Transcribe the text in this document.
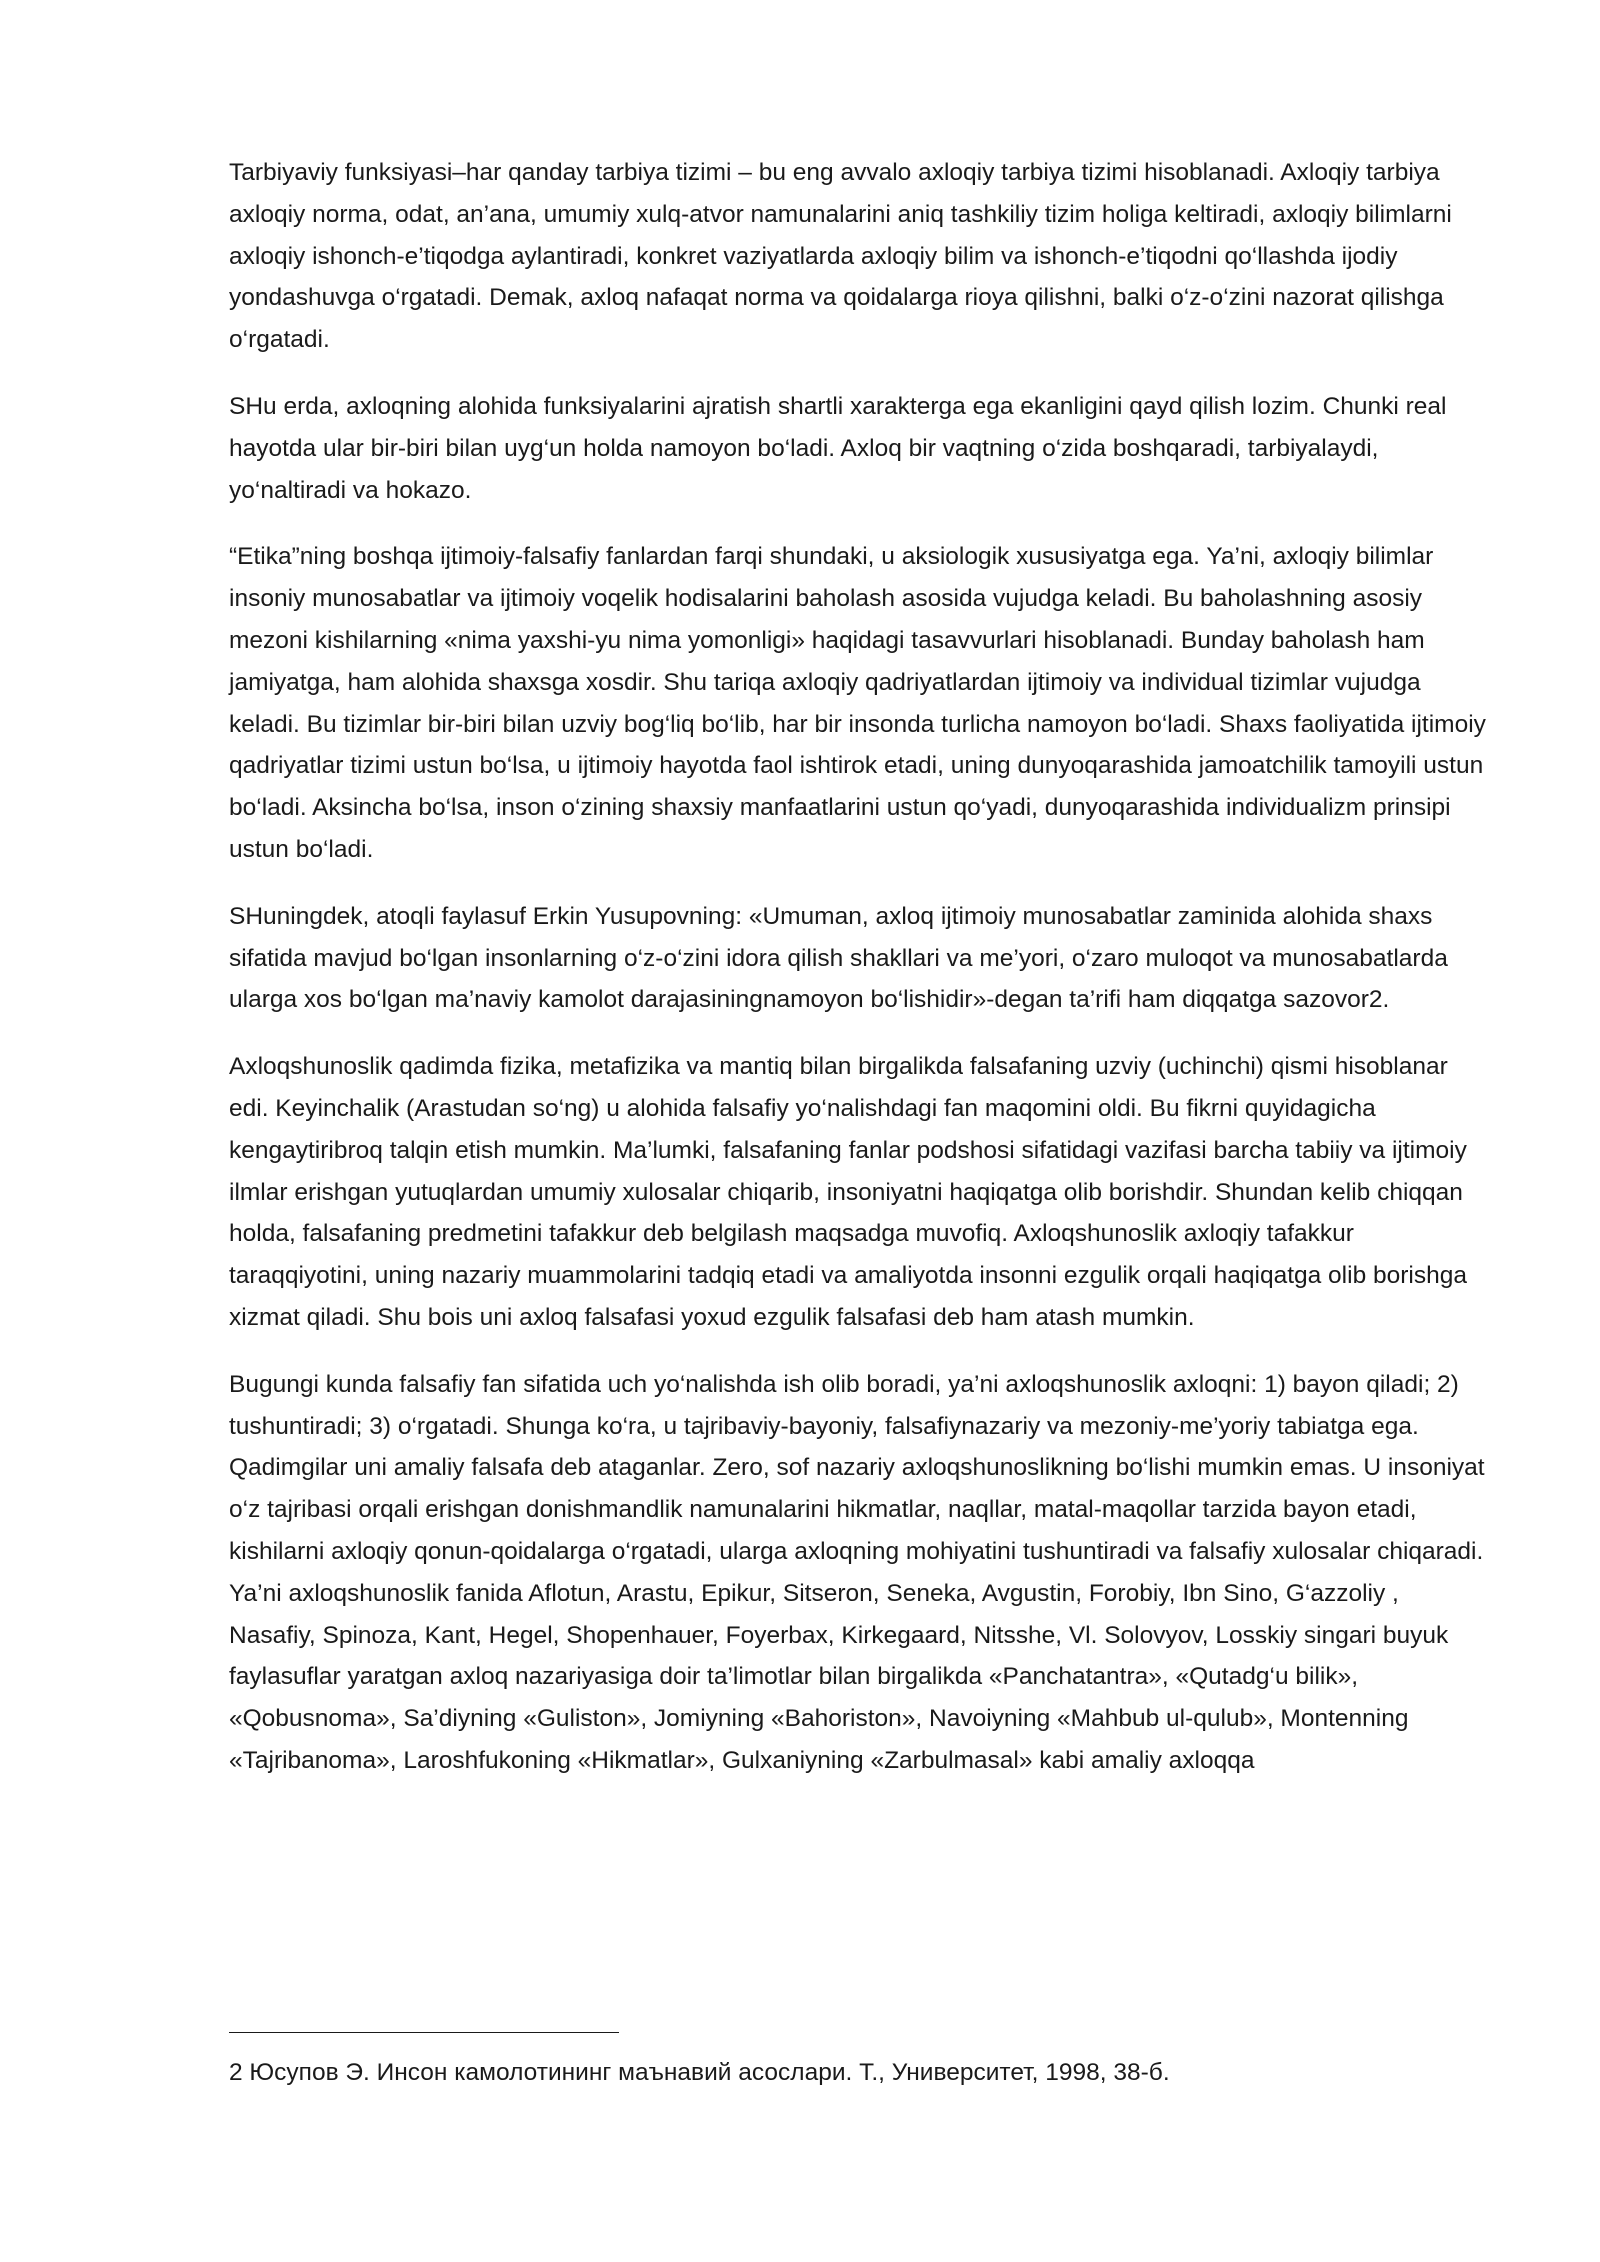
Tarbiyaviy funksiyasi–har qanday tarbiya tizimi – bu eng avvalo axloqiy tarbiya tizimi hisoblanadi. Axloqiy tarbiya axloqiy norma, odat, an’ana, umumiy xulq-atvor namunalarini aniq tashkiliy tizim holiga keltiradi, axloqiy bilimlarni axloqiy ishonch-e’tiqodga aylantiradi, konkret vaziyatlarda axloqiy bilim va ishonch-e’tiqodni qo‘llashda ijodiy yondashuvga o‘rgatadi. Demak, axloq nafaqat norma va qoidalarga rioya qilishni, balki o‘z-o‘zini nazorat qilishga o‘rgatadi.

SHu erda, axloqning alohida funksiyalarini ajratish shartli xarakterga ega ekanligini qayd qilish lozim. Chunki real hayotda ular bir-biri bilan uyg‘un holda namoyon bo‘ladi. Axloq bir vaqtning o‘zida boshqaradi, tarbiyalaydi, yo‘naltiradi va hokazo.

“Etika”ning boshqa ijtimoiy-falsafiy fanlardan farqi shundaki, u aksiologik xususiyatga ega. Ya’ni, axloqiy bilimlar insoniy munosabatlar va ijtimoiy voqelik hodisalarini baholash asosida vujudga keladi. Bu baholashning asosiy mezoni kishilarning «nima yaxshi-yu nima yomonligi» haqidagi tasavvurlari hisoblanadi. Bunday baholash ham jamiyatga, ham alohida shaxsga xosdir. Shu tariqa axloqiy qadriyatlardan ijtimoiy va individual tizimlar vujudga keladi. Bu tizimlar bir-biri bilan uzviy bog‘liq bo‘lib, har bir insonda turlicha namoyon bo‘ladi. Shaxs faoliyatida ijtimoiy qadriyatlar tizimi ustun bo‘lsa, u ijtimoiy hayotda faol ishtirok etadi, uning dunyoqarashida jamoatchilik tamoyili ustun bo‘ladi. Aksincha bo‘lsa, inson o‘zining shaxsiy manfaatlarini ustun qo‘yadi, dunyoqarashida individualizm prinsipi ustun bo‘ladi.

SHuningdek, atoqli faylasuf Erkin Yusupovning: «Umuman, axloq ijtimoiy munosabatlar zaminida alohida shaxs sifatida mavjud bo‘lgan insonlarning o‘z-o‘zini idora qilish shakllari va me’yori, o‘zaro muloqot va munosabatlarda ularga xos bo‘lgan ma’naviy kamolot darajasiningnamoyon bo‘lishidir»-degan ta’rifi ham diqqatga sazovor2.

Axloqshunoslik qadimda fizika, metafizika va mantiq bilan birgalikda falsafaning uzviy (uchinchi) qismi hisoblanar edi. Keyinchalik (Arastudan so‘ng) u alohida falsafiy yo‘nalishdagi fan maqomini oldi. Bu fikrni quyidagicha kengaytiribroq talqin etish mumkin. Ma’lumki, falsafaning fanlar podshosi sifatidagi vazifasi barcha tabiiy va ijtimoiy ilmlar erishgan yutuqlardan umumiy xulosalar chiqarib, insoniyatni haqiqatga olib borishdir. Shundan kelib chiqqan holda, falsafaning predmetini tafakkur deb belgilash maqsadga muvofiq. Axloqshunoslik axloqiy tafakkur taraqqiyotini, uning nazariy muammolarini tadqiq etadi va amaliyotda insonni ezgulik orqali haqiqatga olib borishga xizmat qiladi. Shu bois uni axloq falsafasi yoxud ezgulik falsafasi deb ham atash mumkin.

Bugungi kunda falsafiy fan sifatida uch yo‘nalishda ish olib boradi, ya’ni axloqshunoslik axloqni: 1) bayon qiladi; 2) tushuntiradi; 3) o‘rgatadi. Shunga ko‘ra, u tajribaviy-bayoniy, falsafiynazariy va mezoniy-me’yoriy tabiatga ega. Qadimgilar uni amaliy falsafa deb ataganlar. Zero, sof nazariy axloqshunoslikning bo‘lishi mumkin emas. U insoniyat o‘z tajribasi orqali erishgan donishmandlik namunalarini hikmatlar, naqllar, matal-maqollar tarzida bayon etadi, kishilarni axloqiy qonun-qoidalarga o‘rgatadi, ularga axloqning mohiyatini tushuntiradi va falsafiy xulosalar chiqaradi. Ya’ni axloqshunoslik fanida Aflotun, Arastu, Epikur, Sitseron, Seneka, Avgustin, Forobiy, Ibn Sino, G‘azzoliy , Nasafiy, Spinoza, Kant, Hegel, Shopenhauer, Foyerbax, Kirkegaard, Nitsshe, Vl. Solovyov, Losskiy singari buyuk faylasuflar yaratgan axloq nazariyasiga doir ta’limotlar bilan birgalikda «Panchatantra», «Qutadg‘u bilik», «Qobusnoma», Sa’diyning «Guliston», Jomiyning «Bahoriston», Navoiyning «Mahbub ul-qulub», Montenning «Tajribanoma», Laroshfukoning «Hikmatlar», Gulxaniyning «Zarbulmasal» kabi amaliy axloqqa

2 Юсупов Э. Инсон камолотининг маънавий асослари. Т., Университет, 1998, 38-б.
